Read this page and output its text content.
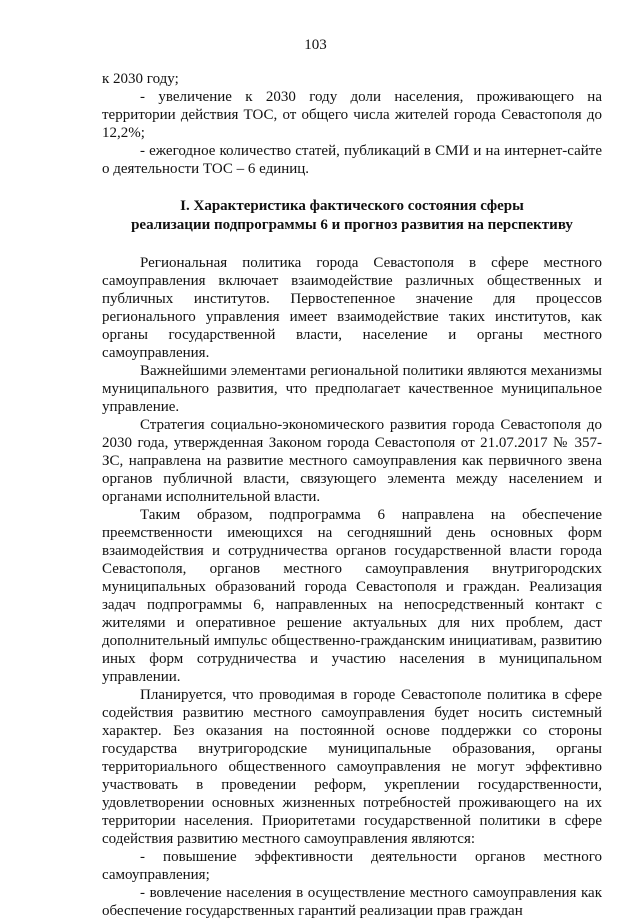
103

к 2030 году;

- увеличение к 2030 году доли населения, проживающего на территории действия ТОС, от общего числа жителей города Севастополя до 12,2%;

- ежегодное количество статей, публикаций в СМИ и на интернет-сайте о деятельности ТОС – 6 единиц.

I. Характеристика фактического состояния сферы
реализации подпрограммы 6 и прогноз развития на перспективу

Региональная политика города Севастополя в сфере местного самоуправления включает взаимодействие различных общественных и публичных институтов. Первостепенное значение для процессов регионального управления имеет взаимодействие таких институтов, как органы государственной власти, население и органы местного самоуправления.

Важнейшими элементами региональной политики являются механизмы муниципального развития, что предполагает качественное муниципальное управление.

Стратегия социально-экономического развития города Севастополя до 2030 года, утвержденная Законом города Севастополя от 21.07.2017 № 357-ЗС, направлена на развитие местного самоуправления как первичного звена органов публичной власти, связующего элемента между населением и органами исполнительной власти.

Таким образом, подпрограмма 6 направлена на обеспечение преемственности имеющихся на сегодняшний день основных форм взаимодействия и сотрудничества органов государственной власти города Севастополя, органов местного самоуправления внутригородских муниципальных образований города Севастополя и граждан. Реализация задач подпрограммы 6, направленных на непосредственный контакт с жителями и оперативное решение актуальных для них проблем, даст дополнительный импульс общественно-гражданским инициативам, развитию иных форм сотрудничества и участию населения в муниципальном управлении.

Планируется, что проводимая в городе Севастополе политика в сфере содействия развитию местного самоуправления будет носить системный характер. Без оказания на постоянной основе поддержки со стороны государства внутригородские муниципальные образования, органы территориального общественного самоуправления не могут эффективно участвовать в проведении реформ, укреплении государственности, удовлетворении основных жизненных потребностей проживающего на их территории населения. Приоритетами государственной политики в сфере содействия развитию местного самоуправления являются:

- повышение эффективности деятельности органов местного самоуправления;

- вовлечение населения в осуществление местного самоуправления как обеспечение государственных гарантий реализации прав граждан
